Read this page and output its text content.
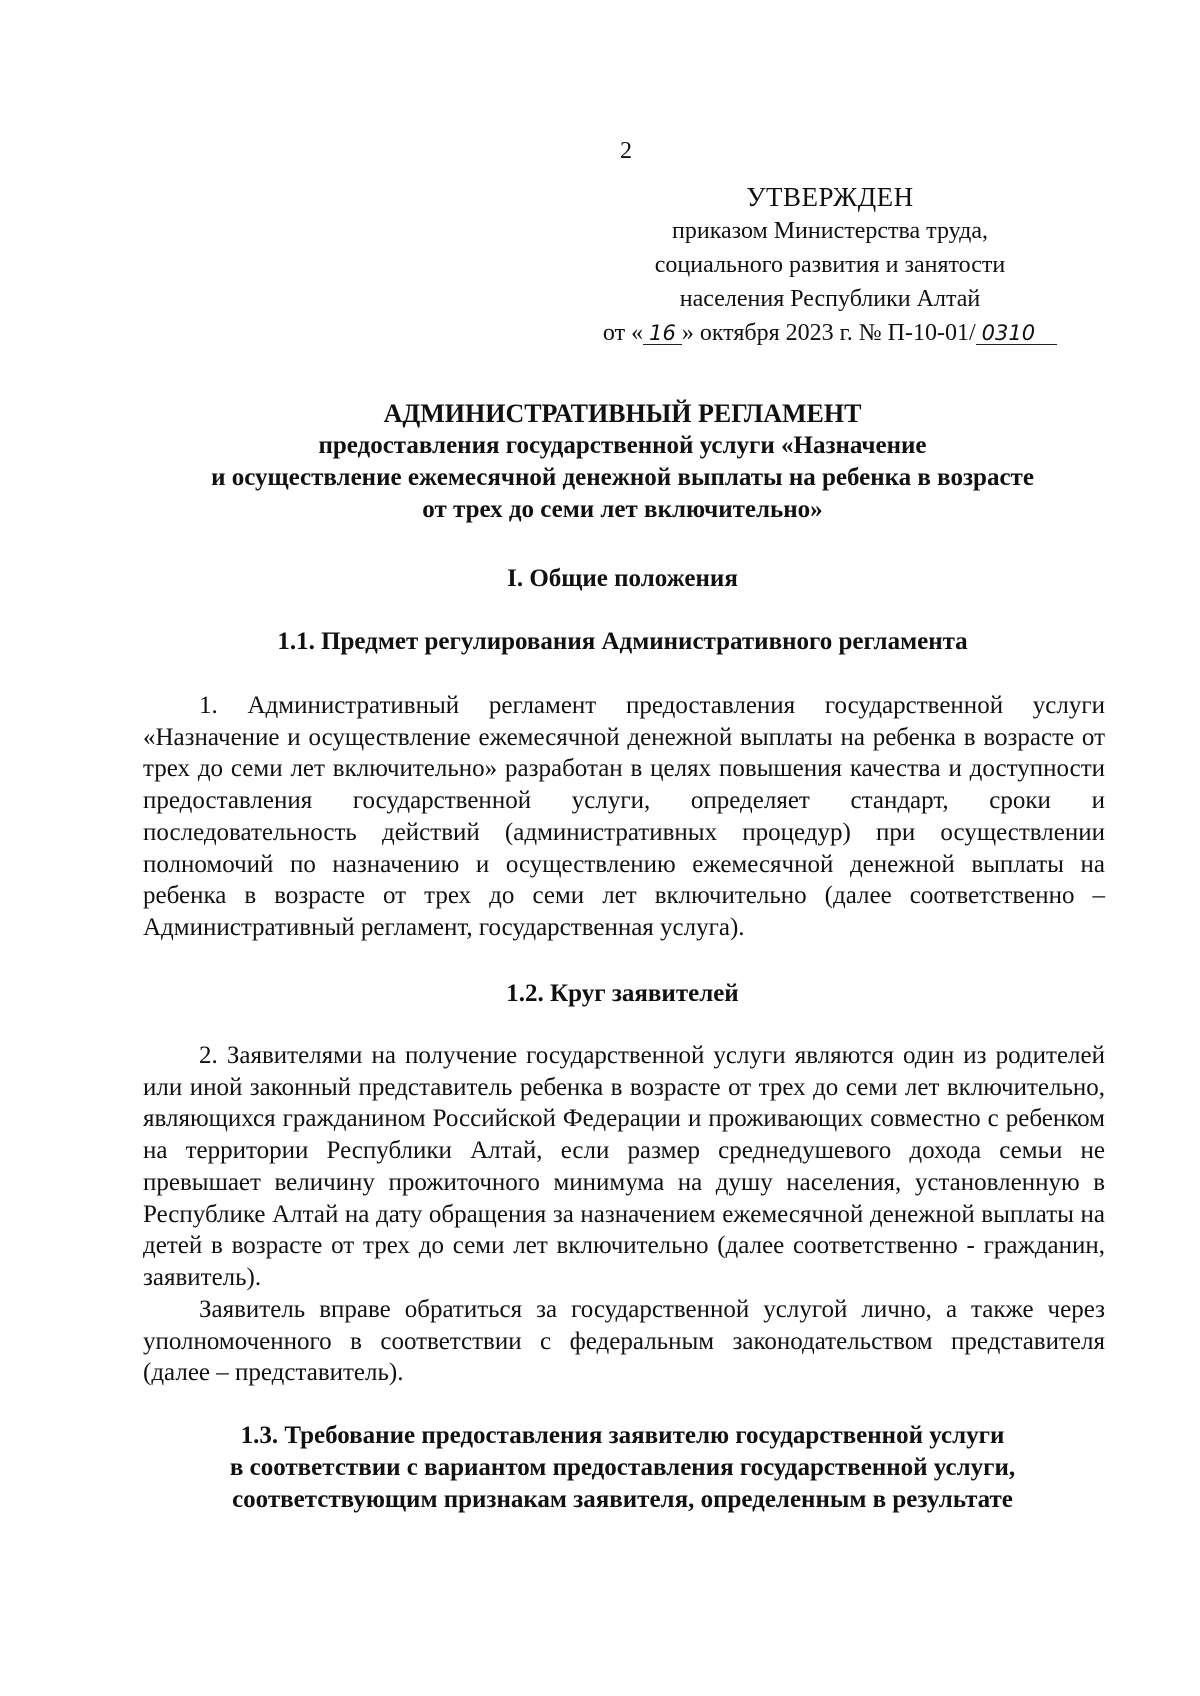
2
УТВЕРЖДЕН
приказом Министерства труда,
социального развития и занятости
населения Республики Алтай
от « 16 » октября 2023 г. № П-10-01/ 0310
АДМИНИСТРАТИВНЫЙ РЕГЛАМЕНТ
предоставления государственной услуги «Назначение
и осуществление ежемесячной денежной выплаты на ребенка в возрасте
от трех до семи лет включительно»
I. Общие положения
1.1. Предмет регулирования Административного регламента
1. Административный регламент предоставления государственной услуги «Назначение и осуществление ежемесячной денежной выплаты на ребенка в возрасте от трех до семи лет включительно» разработан в целях повышения качества и доступности предоставления государственной услуги, определяет стандарт, сроки и последовательность действий (административных процедур) при осуществлении полномочий по назначению и осуществлению ежемесячной денежной выплаты на ребенка в возрасте от трех до семи лет включительно (далее соответственно – Административный регламент, государственная услуга).
1.2. Круг заявителей
2. Заявителями на получение государственной услуги являются один из родителей или иной законный представитель ребенка в возрасте от трех до семи лет включительно, являющихся гражданином Российской Федерации и проживающих совместно с ребенком на территории Республики Алтай, если размер среднедушевого дохода семьи не превышает величину прожиточного минимума на душу населения, установленную в Республике Алтай на дату обращения за назначением ежемесячной денежной выплаты на детей в возрасте от трех до семи лет включительно (далее соответственно - гражданин, заявитель).
Заявитель вправе обратиться за государственной услугой лично, а также через уполномоченного в соответствии с федеральным законодательством представителя (далее – представитель).
1.3. Требование предоставления заявителю государственной услуги
в соответствии с вариантом предоставления государственной услуги,
соответствующим признакам заявителя, определенным в результате
